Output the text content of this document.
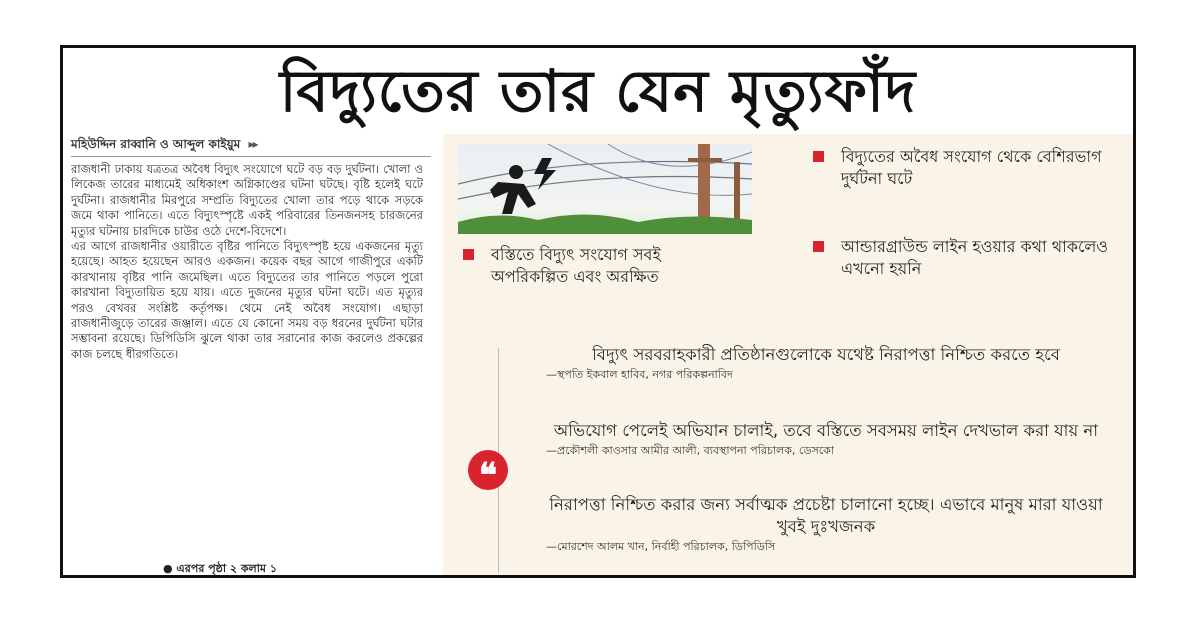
বিদ্যুতের তার যেন মৃত্যুফাঁদ
মহিউদ্দিন রাব্বানি ও আব্দুল কাইয়ুম ▸▸

রাজধানী ঢাকায় যত্রতত্র অবৈধ বিদ্যুৎ সংযোগে ঘটে বড় বড় দুর্ঘটনা। খোলা ও লিকেজ তারের মাধ্যমেই অধিকাংশ অগ্নিকাণ্ডের ঘটনা ঘটছে। বৃষ্টি হলেই ঘটে দুর্ঘটনা। রাজধানীর মিরপুরে সম্প্রতি বিদ্যুতের খোলা তার পড়ে থাকে সড়কে জমে থাকা পানিতে। এতে বিদ্যুৎস্পৃষ্টে একই পরিবারের তিনজনসহ চারজনের মৃত্যুর ঘটনায় চারদিকে চাউর ওঠে দেশে-বিদেশে।

এর আগে রাজধানীর ওয়ারীতে বৃষ্টির পানিতে বিদ্যুৎস্পৃষ্ট হয়ে একজনের মৃত্যু হয়েছে। আহত হয়েছেন আরও একজন। কয়েক বছর আগে গাজীপুরে একটি কারখানায় বৃষ্টির পানি জমেছিল। এতে বিদ্যুতের তার পানিতে পড়লে পুরো কারখানা বিদ্যুতায়িত হয়ে যায়। এতে দুজনের মৃত্যুর ঘটনা ঘটে। এত মৃত্যুর পরও বেখবর সংশ্লিষ্ট কর্তৃপক্ষ। থেমে নেই অবৈধ সংযোগ। এছাড়া রাজধানীজুড়ে তারের জঞ্জাল। এতে যে কোনো সময় বড় ধরনের দুর্ঘটনা ঘটার সম্ভাবনা রয়েছে। ডিপিডিসি ঝুলে থাকা তার সরানোর কাজ করলেও প্রকল্পের কাজ চলছে ধীরগতিতে।

● এরপর পৃষ্ঠা ২ কলাম ১
বস্তিতে বিদ্যুৎ সংযোগ সবই অপরিকল্পিত এবং অরক্ষিত
বিদ্যুতের অবৈধ সংযোগ থেকে বেশিরভাগ দুর্ঘটনা ঘটে
আন্ডারগ্রাউন্ড লাইন হওয়ার কথা থাকলেও এখনো হয়নি
❝
বিদ্যুৎ সরবরাহকারী প্রতিষ্ঠানগুলোকে যথেষ্ট নিরাপত্তা নিশ্চিত করতে হবে
—স্থপতি ইকবাল হাবিব, নগর পরিকল্পনাবিদ
অভিযোগ পেলেই অভিযান চালাই, তবে বস্তিতে সবসময় লাইন দেখভাল করা যায় না
—প্রকৌশলী কাওসার আমীর আলী, ব্যবস্থাপনা পরিচালক, ডেসকো
নিরাপত্তা নিশ্চিত করার জন্য সর্বাত্মক প্রচেষ্টা চালানো হচ্ছে। এভাবে মানুষ মারা যাওয়া খুবই দুঃখজনক
—মোরশেদ আলম খান, নির্বাহী পরিচালক, ডিপিডিসি
